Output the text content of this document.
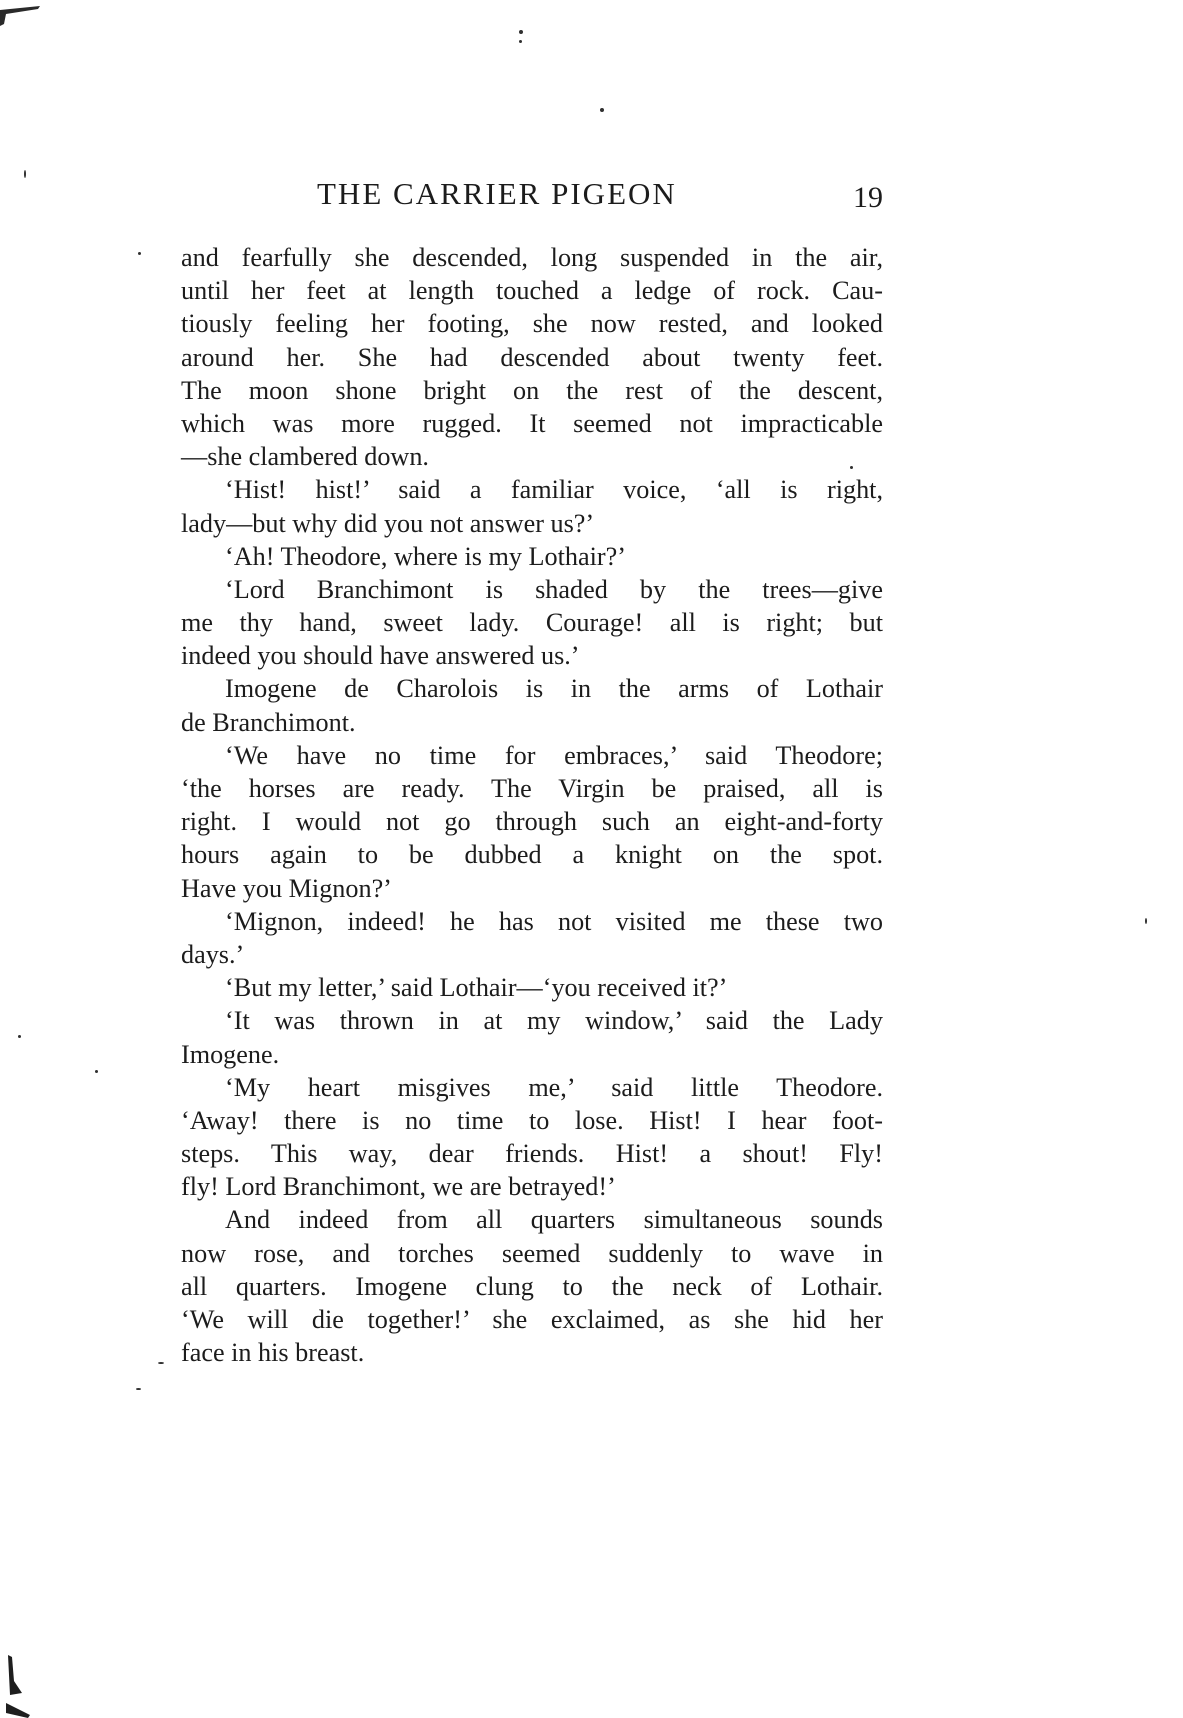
THE CARRIER PIGEON	19
and fearfully she descended, long suspended in the air,
until her feet at length touched a ledge of rock. Cau-
tiously feeling her footing, she now rested, and looked
around her. She had descended about twenty feet.
The moon shone bright on the rest of the descent,
which was more rugged. It seemed not impracticable
—she clambered down.
‘Hist! hist!’ said a familiar voice, ‘all is right,
lady—but why did you not answer us?’
‘Ah! Theodore, where is my Lothair?’
‘Lord Branchimont is shaded by the trees—give
me thy hand, sweet lady. Courage! all is right; but
indeed you should have answered us.’
Imogene de Charolois is in the arms of Lothair
de Branchimont.
‘We have no time for embraces,’ said Theodore;
‘the horses are ready. The Virgin be praised, all is
right. I would not go through such an eight-and-forty
hours again to be dubbed a knight on the spot.
Have you Mignon?’
‘Mignon, indeed! he has not visited me these two
days.’
‘But my letter,’ said Lothair—‘you received it?’
‘It was thrown in at my window,’ said the Lady
Imogene.
‘My heart misgives me,’ said little Theodore.
‘Away! there is no time to lose. Hist! I hear foot-
steps. This way, dear friends. Hist! a shout! Fly!
fly! Lord Branchimont, we are betrayed!’
And indeed from all quarters simultaneous sounds
now rose, and torches seemed suddenly to wave in
all quarters. Imogene clung to the neck of Lothair.
‘We will die together!’ she exclaimed, as she hid her
face in his breast.
